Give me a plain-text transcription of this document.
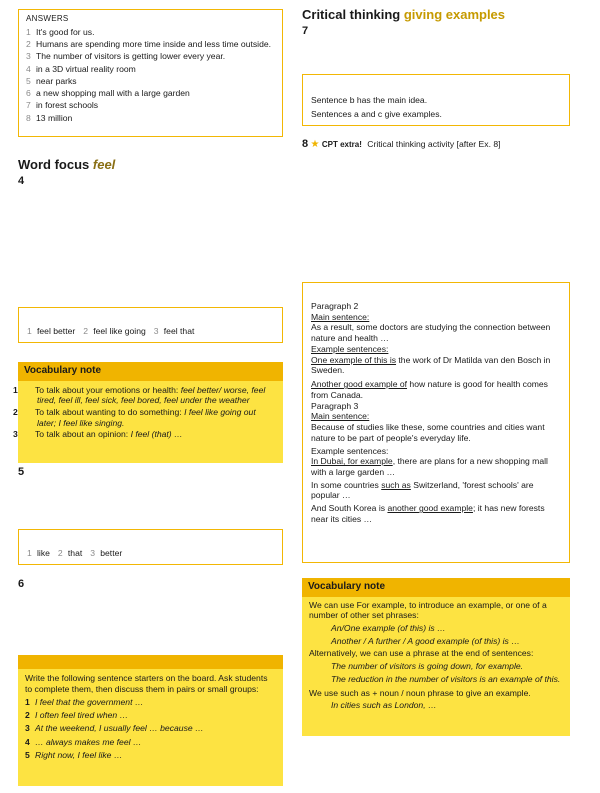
ANSWERS
1 It's good for us.
2 Humans are spending more time inside and less time outside.
3 The number of visitors is getting lower every year.
4 in a 3D virtual reality room
5 near parks
6 a new shopping mall with a large garden
7 in forest schools
8 13 million
Critical thinking giving examples
7
Sentence b has the main idea.
Sentences a and c give examples.
8 ★ CPT extra! Critical thinking activity [after Ex. 8]
Word focus feel
4
1 feel better 2 feel like going 3 feel that
Vocabulary note
1 To talk about your emotions or health: feel better/ worse, feel tired, feel ill, feel sick, feel bored, feel under the weather
2 To talk about wanting to do something: I feel like going out later; I feel like singing.
3 To talk about an opinion: I feel (that) …
5
1 like 2 that 3 better
6
Write the following sentence starters on the board. Ask students to complete them, then discuss them in pairs or small groups:
1 I feel that the government …
2 I often feel tired when …
3 At the weekend, I usually feel … because …
4 … always makes me feel …
5 Right now, I feel like …
Paragraph 2
Main sentence:
As a result, some doctors are studying the connection between nature and health …
Example sentences:
One example of this is the work of Dr Matilda van den Bosch in Sweden.
Another good example of how nature is good for health comes from Canada.
Paragraph 3
Main sentence:
Because of studies like these, some countries and cities want nature to be part of people's everyday life.
Example sentences:
In Dubai, for example, there are plans for a new shopping mall with a large garden …
In some countries such as Switzerland, 'forest schools' are popular …
And South Korea is another good example; it has new forests near its cities …
Vocabulary note
We can use For example, to introduce an example, or one of a number of other set phrases:
An/One example (of this) is …
Another / A further / A good example (of this) is …
Alternatively, we can use a phrase at the end of sentences:
The number of visitors is going down, for example.
The reduction in the number of visitors is an example of this.
We use such as + noun / noun phrase to give an example.
In cities such as London, …
